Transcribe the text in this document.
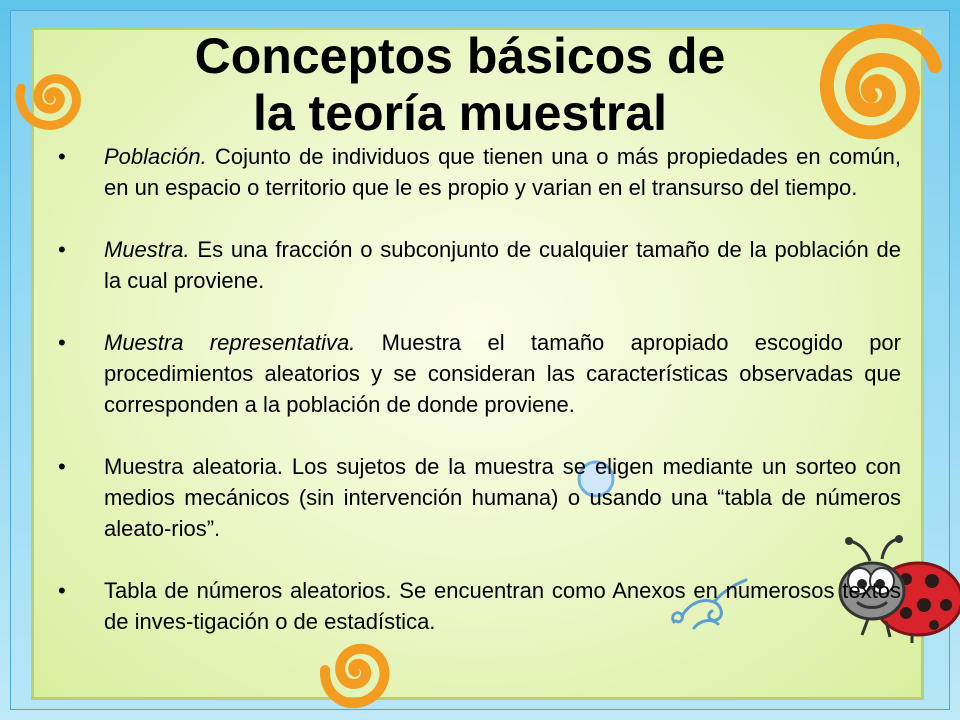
Conceptos básicos de
la teoría muestral
• Población. Cojunto de individuos que tienen una o más propiedades en común, en un espacio o territorio que le es propio y varian en el transurso del tiempo.
• Muestra. Es una fracción o subconjunto de cualquier tamaño de la población de la cual proviene.
• Muestra representativa. Muestra el tamaño apropiado escogido por procedimientos aleatorios y se consideran las características observadas que corresponden a la población de donde proviene.
• Muestra aleatoria. Los sujetos de la muestra se eligen mediante un sorteo con medios mecánicos (sin intervención humana) o usando una “tabla de números aleato-rios”.
• Tabla de números aleatorios. Se encuentran como Anexos en numerosos textos de inves-tigación o de estadística.
